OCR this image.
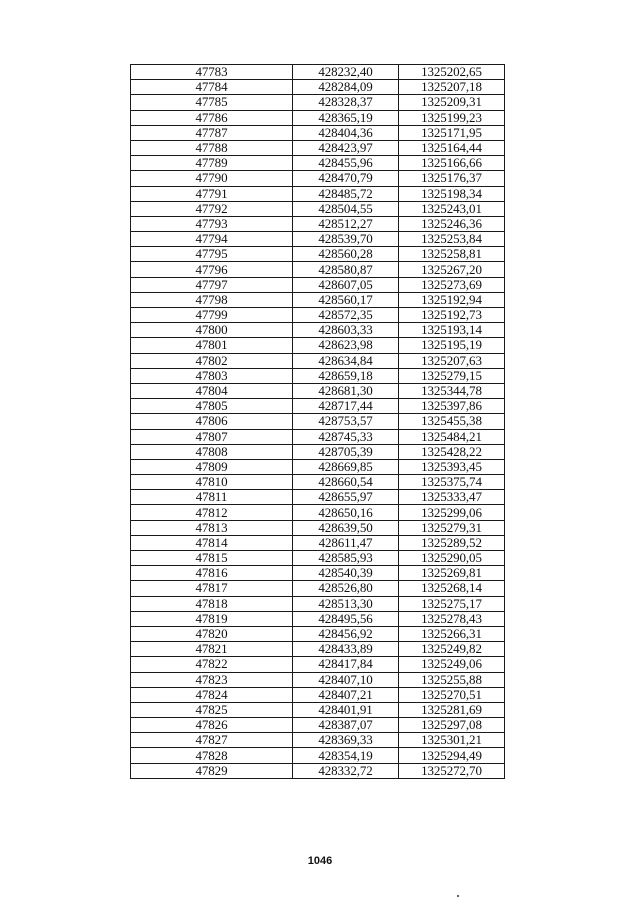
47783	428232,40	1325202,65
47784	428284,09	1325207,18
47785	428328,37	1325209,31
47786	428365,19	1325199,23
47787	428404,36	1325171,95
47788	428423,97	1325164,44
47789	428455,96	1325166,66
47790	428470,79	1325176,37
47791	428485,72	1325198,34
47792	428504,55	1325243,01
47793	428512,27	1325246,36
47794	428539,70	1325253,84
47795	428560,28	1325258,81
47796	428580,87	1325267,20
47797	428607,05	1325273,69
47798	428560,17	1325192,94
47799	428572,35	1325192,73
47800	428603,33	1325193,14
47801	428623,98	1325195,19
47802	428634,84	1325207,63
47803	428659,18	1325279,15
47804	428681,30	1325344,78
47805	428717,44	1325397,86
47806	428753,57	1325455,38
47807	428745,33	1325484,21
47808	428705,39	1325428,22
47809	428669,85	1325393,45
47810	428660,54	1325375,74
47811	428655,97	1325333,47
47812	428650,16	1325299,06
47813	428639,50	1325279,31
47814	428611,47	1325289,52
47815	428585,93	1325290,05
47816	428540,39	1325269,81
47817	428526,80	1325268,14
47818	428513,30	1325275,17
47819	428495,56	1325278,43
47820	428456,92	1325266,31
47821	428433,89	1325249,82
47822	428417,84	1325249,06
47823	428407,10	1325255,88
47824	428407,21	1325270,51
47825	428401,91	1325281,69
47826	428387,07	1325297,08
47827	428369,33	1325301,21
47828	428354,19	1325294,49
47829	428332,72	1325272,70
1046
